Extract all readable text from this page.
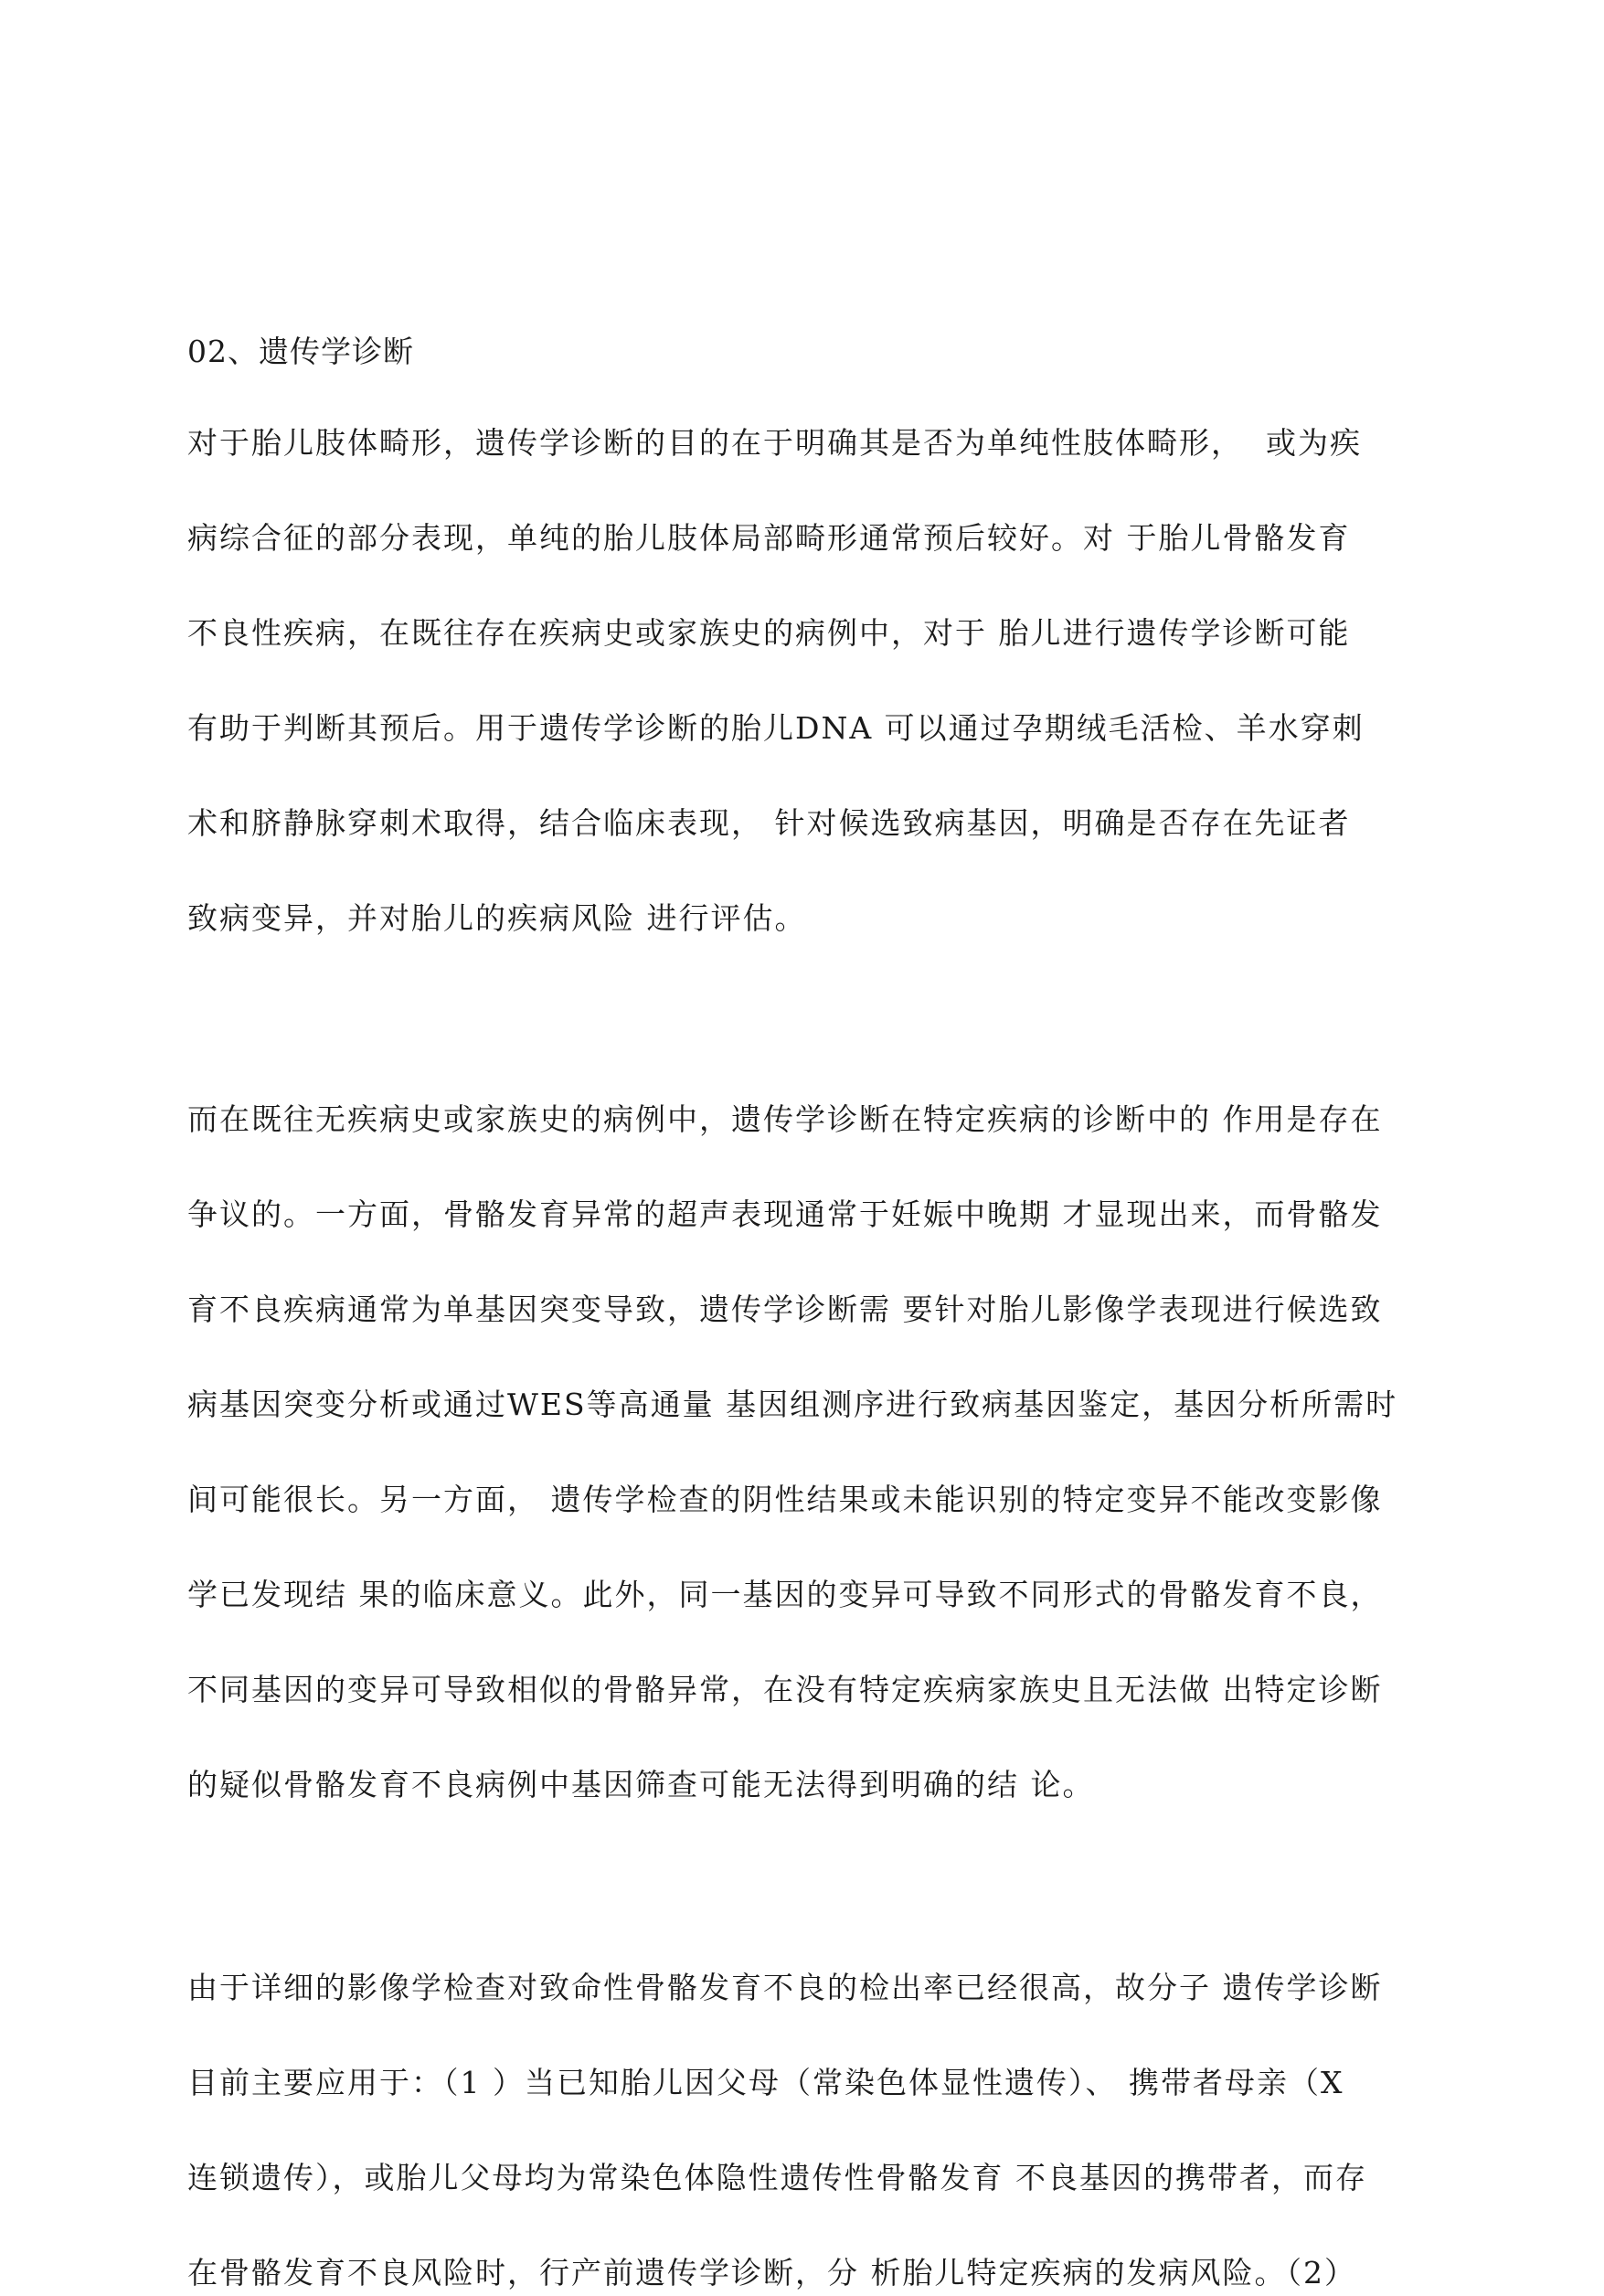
02、遗传学诊断
对于胎儿肢体畸形，遗传学诊断的目的在于明确其是否为单纯性肢体畸形，  或为疾
病综合征的部分表现，单纯的胎儿肢体局部畸形通常预后较好。对 于胎儿骨骼发育
不良性疾病，在既往存在疾病史或家族史的病例中，对于 胎儿进行遗传学诊断可能
有助于判断其预后。用于遗传学诊断的胎儿DNA 可以通过孕期绒毛活检、羊水穿刺
术和脐静脉穿刺术取得，结合临床表现， 针对候选致病基因，明确是否存在先证者
致病变异，并对胎儿的疾病风险 进行评估。
而在既往无疾病史或家族史的病例中，遗传学诊断在特定疾病的诊断中的 作用是存在
争议的。一方面，骨骼发育异常的超声表现通常于妊娠中晚期 才显现出来，而骨骼发
育不良疾病通常为单基因突变导致，遗传学诊断需 要针对胎儿影像学表现进行候选致
病基因突变分析或通过WES等高通量 基因组测序进行致病基因鉴定，基因分析所需时
间可能很长。另一方面， 遗传学检查的阴性结果或未能识别的特定变异不能改变影像
学已发现结 果的临床意义。此外，同一基因的变异可导致不同形式的骨骼发育不良，
不同基因的变异可导致相似的骨骼异常，在没有特定疾病家族史且无法做 出特定诊断
的疑似骨骼发育不良病例中基因筛查可能无法得到明确的结 论。
由于详细的影像学检查对致命性骨骼发育不良的检出率已经很高，故分子 遗传学诊断
目前主要应用于：（1 ）当已知胎儿因父母（常染色体显性遗传）、 携带者母亲（X
连锁遗传），或胎儿父母均为常染色体隐性遗传性骨骼发育 不良基因的携带者，而存
在骨骼发育不良风险时，行产前遗传学诊断，分 析胎儿特定疾病的发病风险。（2）
